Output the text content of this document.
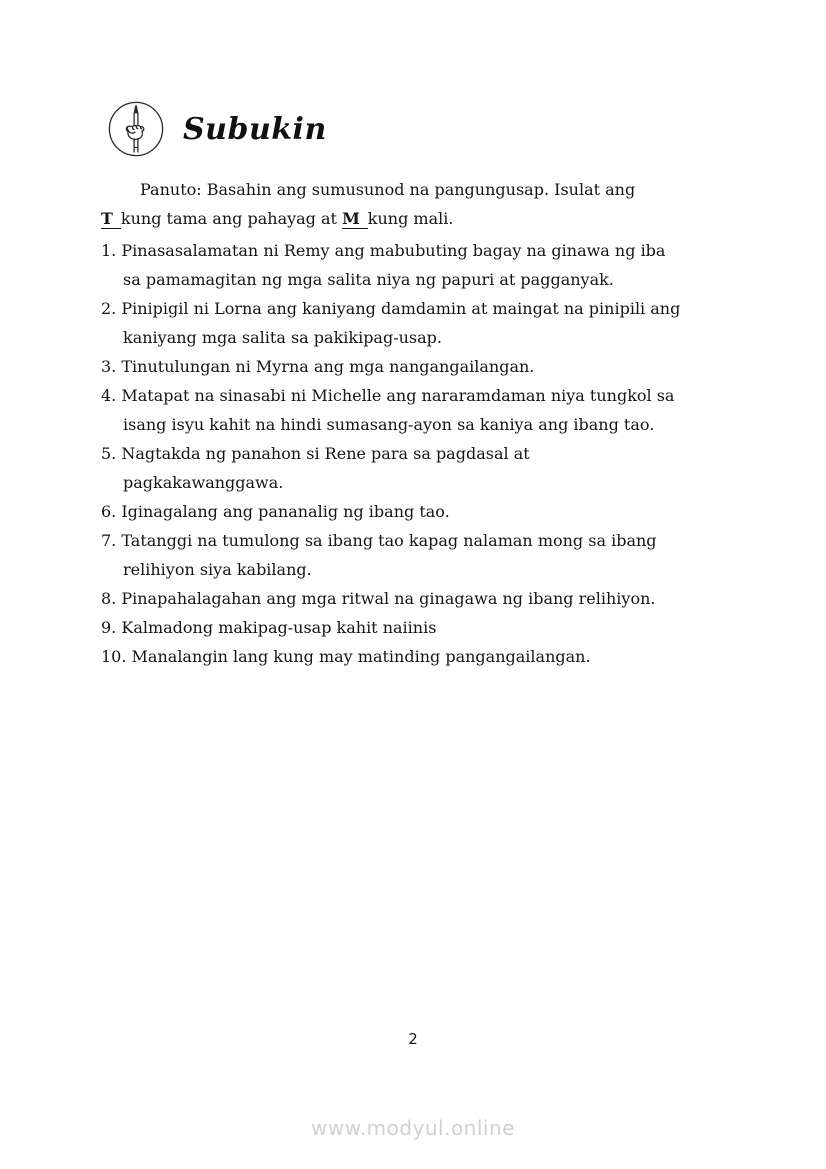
Subukin

Panuto: Basahin ang sumusunod na pangungusap. Isulat ang T kung tama ang pahayag at M kung mali.

1. Pinasasalamatan ni Remy ang mabubuting bagay na ginawa ng iba sa pamamagitan ng mga salita niya ng papuri at pagganyak.

2. Pinipigil ni Lorna ang kaniyang damdamin at maingat na pinipili ang kaniyang mga salita sa pakikipag-usap.

3. Tinutulungan ni Myrna ang mga nangangailangan.

4. Matapat na sinasabi ni Michelle ang nararamdaman niya tungkol sa isang isyu kahit na hindi sumasang-ayon sa kaniya ang ibang tao.

5. Nagtakda ng panahon si Rene para sa pagdasal at pagkakawanggawa.

6. Iginagalang ang pananalig ng ibang tao.

7. Tatanggi na tumulong sa ibang tao kapag nalaman mong sa ibang relihiyon siya kabilang.

8. Pinapahalagahan ang mga ritwal na ginagawa ng ibang relihiyon.

9. Kalmadong makipag-usap kahit naiinis

10. Manalangin lang kung may matinding pangangailangan.

2
www.modyul.online
